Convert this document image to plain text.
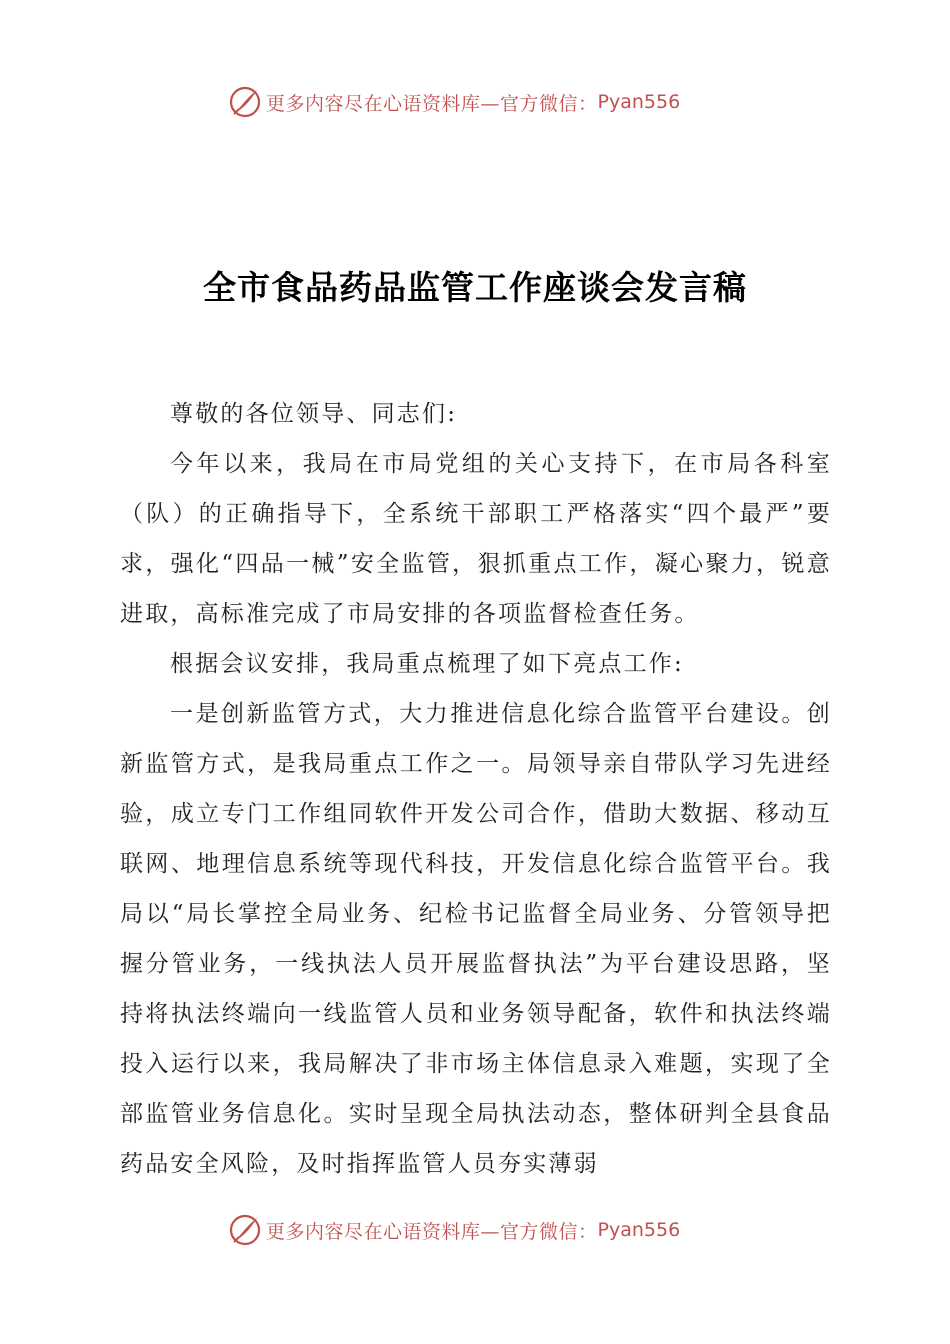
更多内容尽在心语资料库—官方微信： Pyan556
全市食品药品监管工作座谈会发言稿

尊敬的各位领导、同志们:

今年以来，我局在市局党组的关心支持下，在市局各科室（队）的正确指导下，全系统干部职工严格落实“四个最严”要求，强化“四品一械”安全监管，狠抓重点工作，凝心聚力，锐意进取，高标准完成了市局安排的各项监督检查任务。

根据会议安排，我局重点梳理了如下亮点工作:

一是创新监管方式，大力推进信息化综合监管平台建设。创新监管方式，是我局重点工作之一。局领导亲自带队学习先进经验，成立专门工作组同软件开发公司合作，借助大数据、移动互联网、地理信息系统等现代科技，开发信息化综合监管平台。我局以“局长掌控全局业务、纪检书记监督全局业务、分管领导把握分管业务，一线执法人员开展监督执法”为平台建设思路，坚持将执法终端向一线监管人员和业务领导配备，软件和执法终端投入运行以来，我局解决了非市场主体信息录入难题，实现了全部监管业务信息化。实时呈现全局执法动态，整体研判全县食品药品安全风险，及时指挥监管人员夯实薄弱

更多内容尽在心语资料库—官方微信： Pyan556
